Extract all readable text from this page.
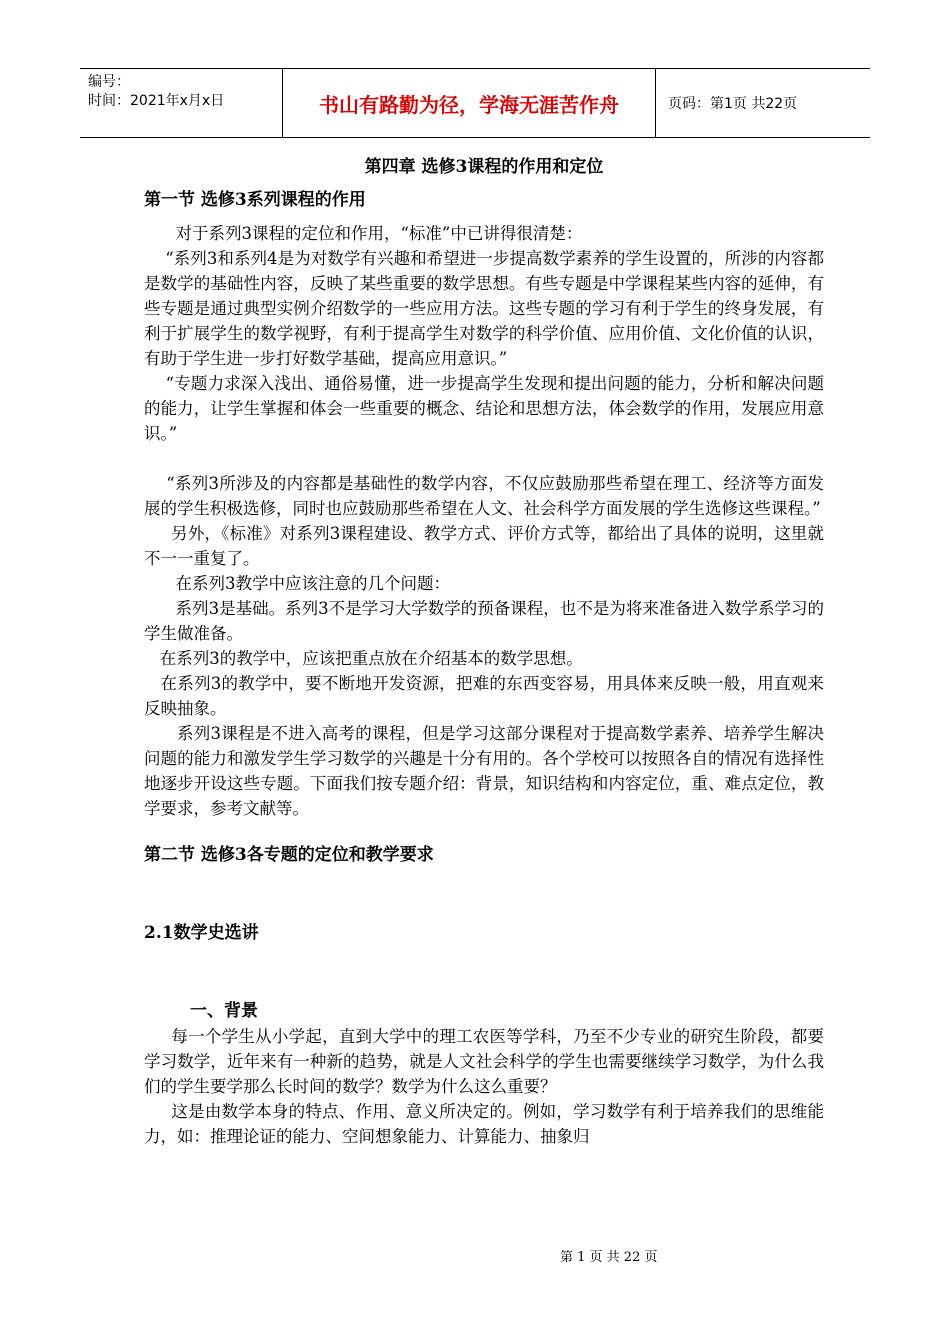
编号：
时间：2021年x月x日	书山有路勤为径，学海无涯苦作舟	页码：第1页 共22页
第四章 选修3课程的作用和定位
第一节 选修3系列课程的作用

对于系列3课程的定位和作用，“标准”中已讲得很清楚：

“系列3和系列4是为对数学有兴趣和希望进一步提高数学素养的学生设置的，所涉的内容都是数学的基础性内容，反映了某些重要的数学思想。有些专题是中学课程某些内容的延伸，有些专题是通过典型实例介绍数学的一些应用方法。这些专题的学习有利于学生的终身发展，有利于扩展学生的数学视野，有利于提高学生对数学的科学价值、应用价值、文化价值的认识，有助于学生进一步打好数学基础，提高应用意识。”

“专题力求深入浅出、通俗易懂，进一步提高学生发现和提出问题的能力，分析和解决问题的能力，让学生掌握和体会一些重要的概念、结论和思想方法，体会数学的作用，发展应用意识。”

“系列3所涉及的内容都是基础性的数学内容，不仅应鼓励那些希望在理工、经济等方面发展的学生积极选修，同时也应鼓励那些希望在人文、社会科学方面发展的学生选修这些课程。”

另外，《标准》对系列3课程建设、教学方式、评价方式等，都给出了具体的说明，这里就不一一重复了。

在系列3教学中应该注意的几个问题：

系列3是基础。系列3不是学习大学数学的预备课程，也不是为将来准备进入数学系学习的学生做准备。

在系列3的教学中，应该把重点放在介绍基本的数学思想。

在系列3的教学中，要不断地开发资源，把难的东西变容易，用具体来反映一般，用直观来反映抽象。

系列3课程是不进入高考的课程，但是学习这部分课程对于提高数学素养、培养学生解决问题的能力和激发学生学习数学的兴趣是十分有用的。各个学校可以按照各自的情况有选择性地逐步开设这些专题。下面我们按专题介绍：背景，知识结构和内容定位，重、难点定位，教学要求，参考文献等。

第二节 选修3各专题的定位和教学要求
2.1数学史选讲
一、背景

每一个学生从小学起，直到大学中的理工农医等学科，乃至不少专业的研究生阶段，都要学习数学，近年来有一种新的趋势，就是人文社会科学的学生也需要继续学习数学，为什么我们的学生要学那么长时间的数学？数学为什么这么重要？

这是由数学本身的特点、作用、意义所决定的。例如，学习数学有利于培养我们的思维能力，如：推理论证的能力、空间想象能力、计算能力、抽象归

第 1 页 共 22 页
